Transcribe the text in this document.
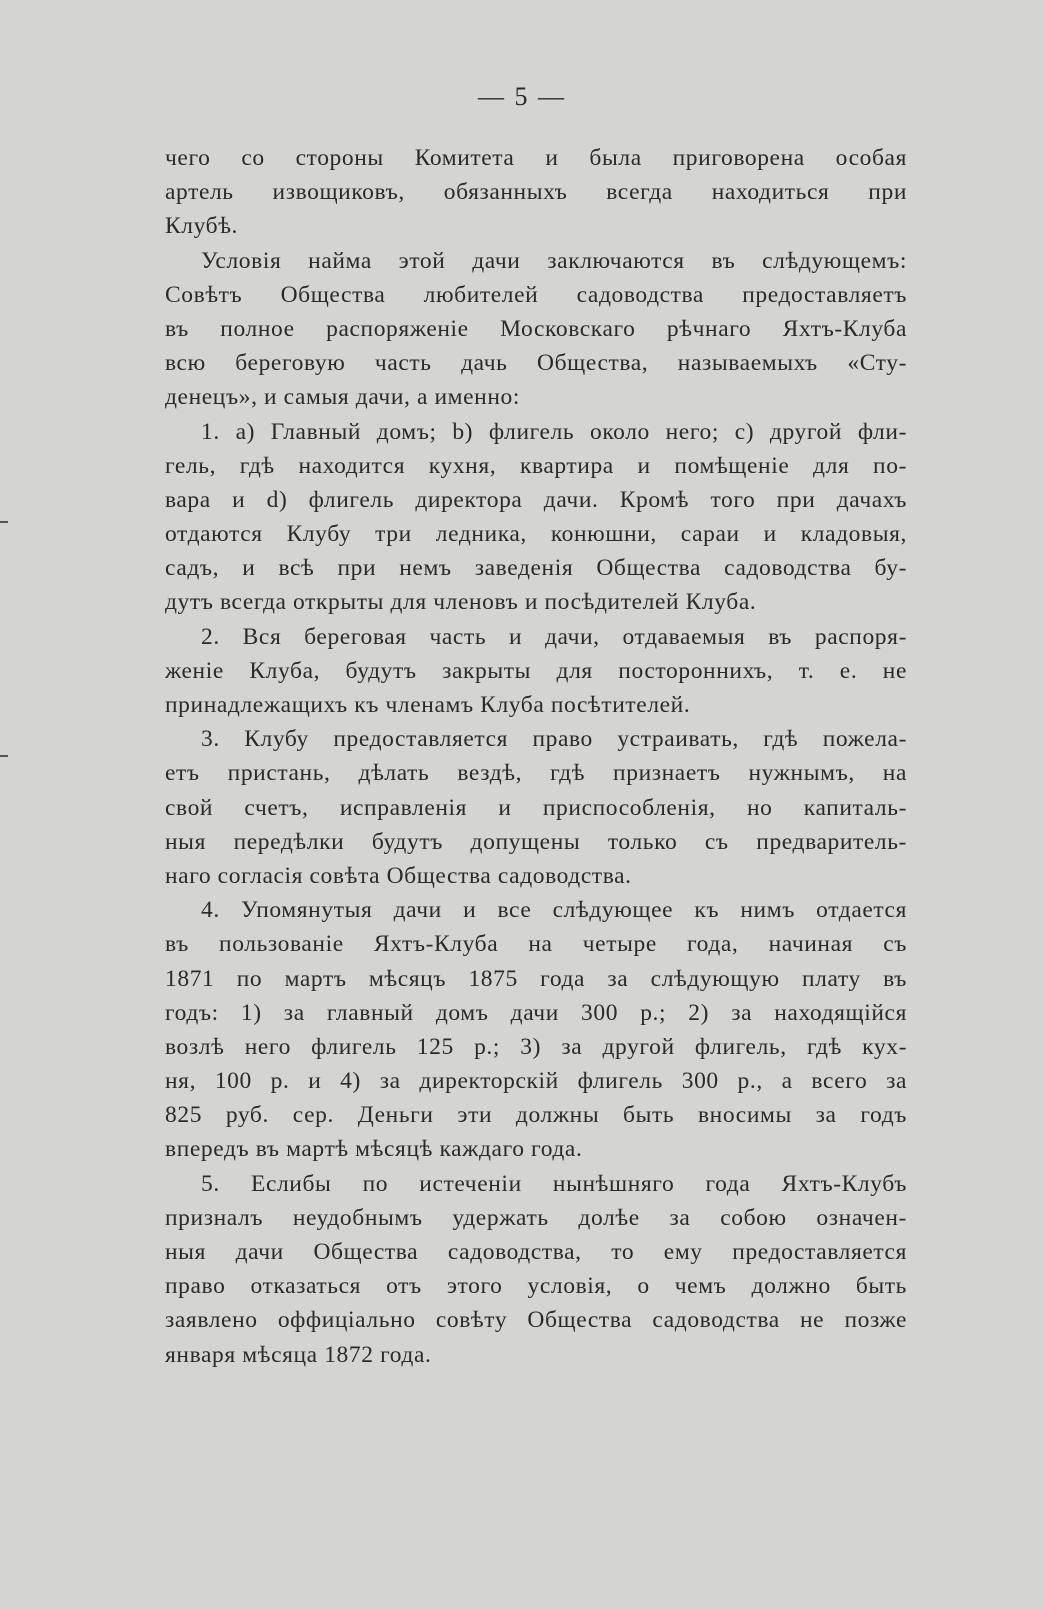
— 5 —
чего со стороны Комитета и была приговорена особая
артель извощиковъ, обязанныхъ всегда находиться при
Клубѣ.
Условія найма этой дачи заключаются въ слѣдующемъ:
Совѣтъ Общества любителей садоводства предоставляетъ
въ полное распоряженіе Московскаго рѣчнаго Яхтъ-Клуба
всю береговую часть дачь Общества, называемыхъ «Сту-
денецъ», и самыя дачи, а именно:
1. a) Главный домъ; b) флигель около него; c) другой фли-
гель, гдѣ находится кухня, квартира и помѣщеніе для по-
вара и d) флигель директора дачи. Кромѣ того при дачахъ
отдаются Клубу три ледника, конюшни, сараи и кладовыя,
садъ, и всѣ при немъ заведенія Общества садоводства бу-
дутъ всегда открыты для членовъ и посѣдителей Клуба.
2. Вся береговая часть и дачи, отдаваемыя въ распоря-
женіе Клуба, будутъ закрыты для постороннихъ, т. е. не
принадлежащихъ къ членамъ Клуба посѣтителей.
3. Клубу предоставляется право устраивать, гдѣ пожела-
етъ пристань, дѣлать вездѣ, гдѣ признаетъ нужнымъ, на
свой счетъ, исправленія и приспособленія, но капиталь-
ныя передѣлки будутъ допущены только съ предваритель-
наго согласія совѣта Общества садоводства.
4. Упомянутыя дачи и все слѣдующее къ нимъ отдается
въ пользованіе Яхтъ-Клуба на четыре года, начиная съ
1871 по мартъ мѣсяцъ 1875 года за слѣдующую плату въ
годъ: 1) за главный домъ дачи 300 р.; 2) за находящійся
возлѣ него флигель 125 р.; 3) за другой флигель, гдѣ кух-
ня, 100 р. и 4) за директорскій флигель 300 р., а всего за
825 руб. сер. Деньги эти должны быть вносимы за годъ
впередъ въ мартѣ мѣсяцѣ каждаго года.
5. Еслибы по истеченіи нынѣшняго года Яхтъ-Клубъ
призналъ неудобнымъ удержать долѣе за собою означен-
ныя дачи Общества садоводства, то ему предоставляется
право отказаться отъ этого условія, о чемъ должно быть
заявлено оффиціально совѣту Общества садоводства не позже
января мѣсяца 1872 года.
